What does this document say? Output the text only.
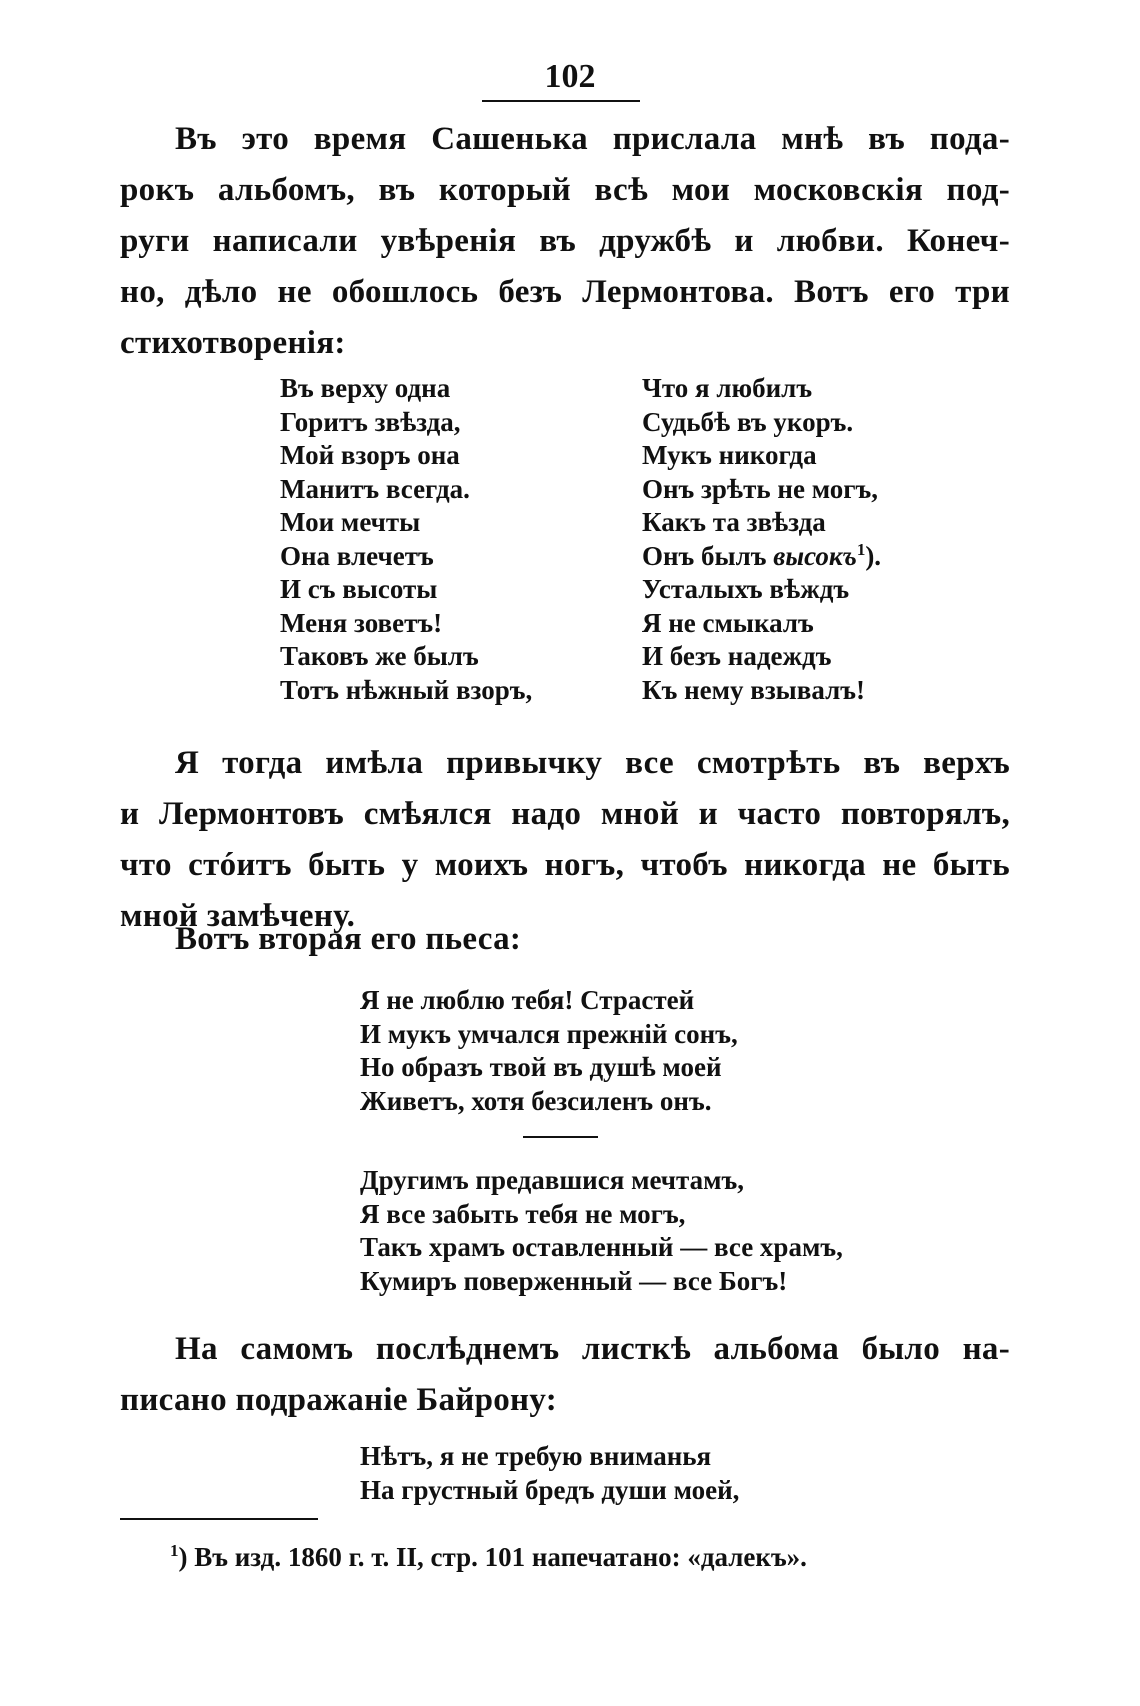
102
Въ это время Сашенька прислала мнѣ въ пода-
рокъ альбомъ, въ который всѣ мои московскія под-
руги написали увѣренія въ дружбѣ и любви. Конеч-
но, дѣло не обошлось безъ Лермонтова. Вотъ его три
стихотворенія:
Въ верху одна
Горитъ звѣзда,
Мой взоръ она
Манитъ всегда.
Мои мечты
Она влечетъ
И съ высоты
Меня зоветъ!
Таковъ же былъ
Тотъ нѣжный взоръ,
Что я любилъ
Судьбѣ въ укоръ.
Мукъ никогда
Онъ зрѣть не могъ,
Какъ та звѣзда
Онъ былъ высокъ$^1$).
Усталыхъ вѣждъ
Я не смыкалъ
И безъ надеждъ
Къ нему взывалъ!
Я тогда имѣла привычку все смотрѣть въ верхъ
и Лермонтовъ смѣялся надо мной и часто повторялъ,
что стóитъ быть у моихъ ногъ, чтобъ никогда не быть
мной замѣчену.
Вотъ вторая его пьеса:
Я не люблю тебя! Страстей
И мукъ умчался прежній сонъ,
Но образъ твой въ душѣ моей
Живетъ, хотя безсиленъ онъ.
Другимъ предавшися мечтамъ,
Я все забыть тебя не могъ,
Такъ храмъ оставленный — все храмъ,
Кумиръ поверженный — все Богъ!
На самомъ послѣднемъ листкѣ альбома было на-
писано подражаніе Байрону:
Нѣтъ, я не требую вниманья
На грустный бредъ души моей,
$^1$) Въ изд. 1860 г. т. II, стр. 101 напечатано: «далекъ».
